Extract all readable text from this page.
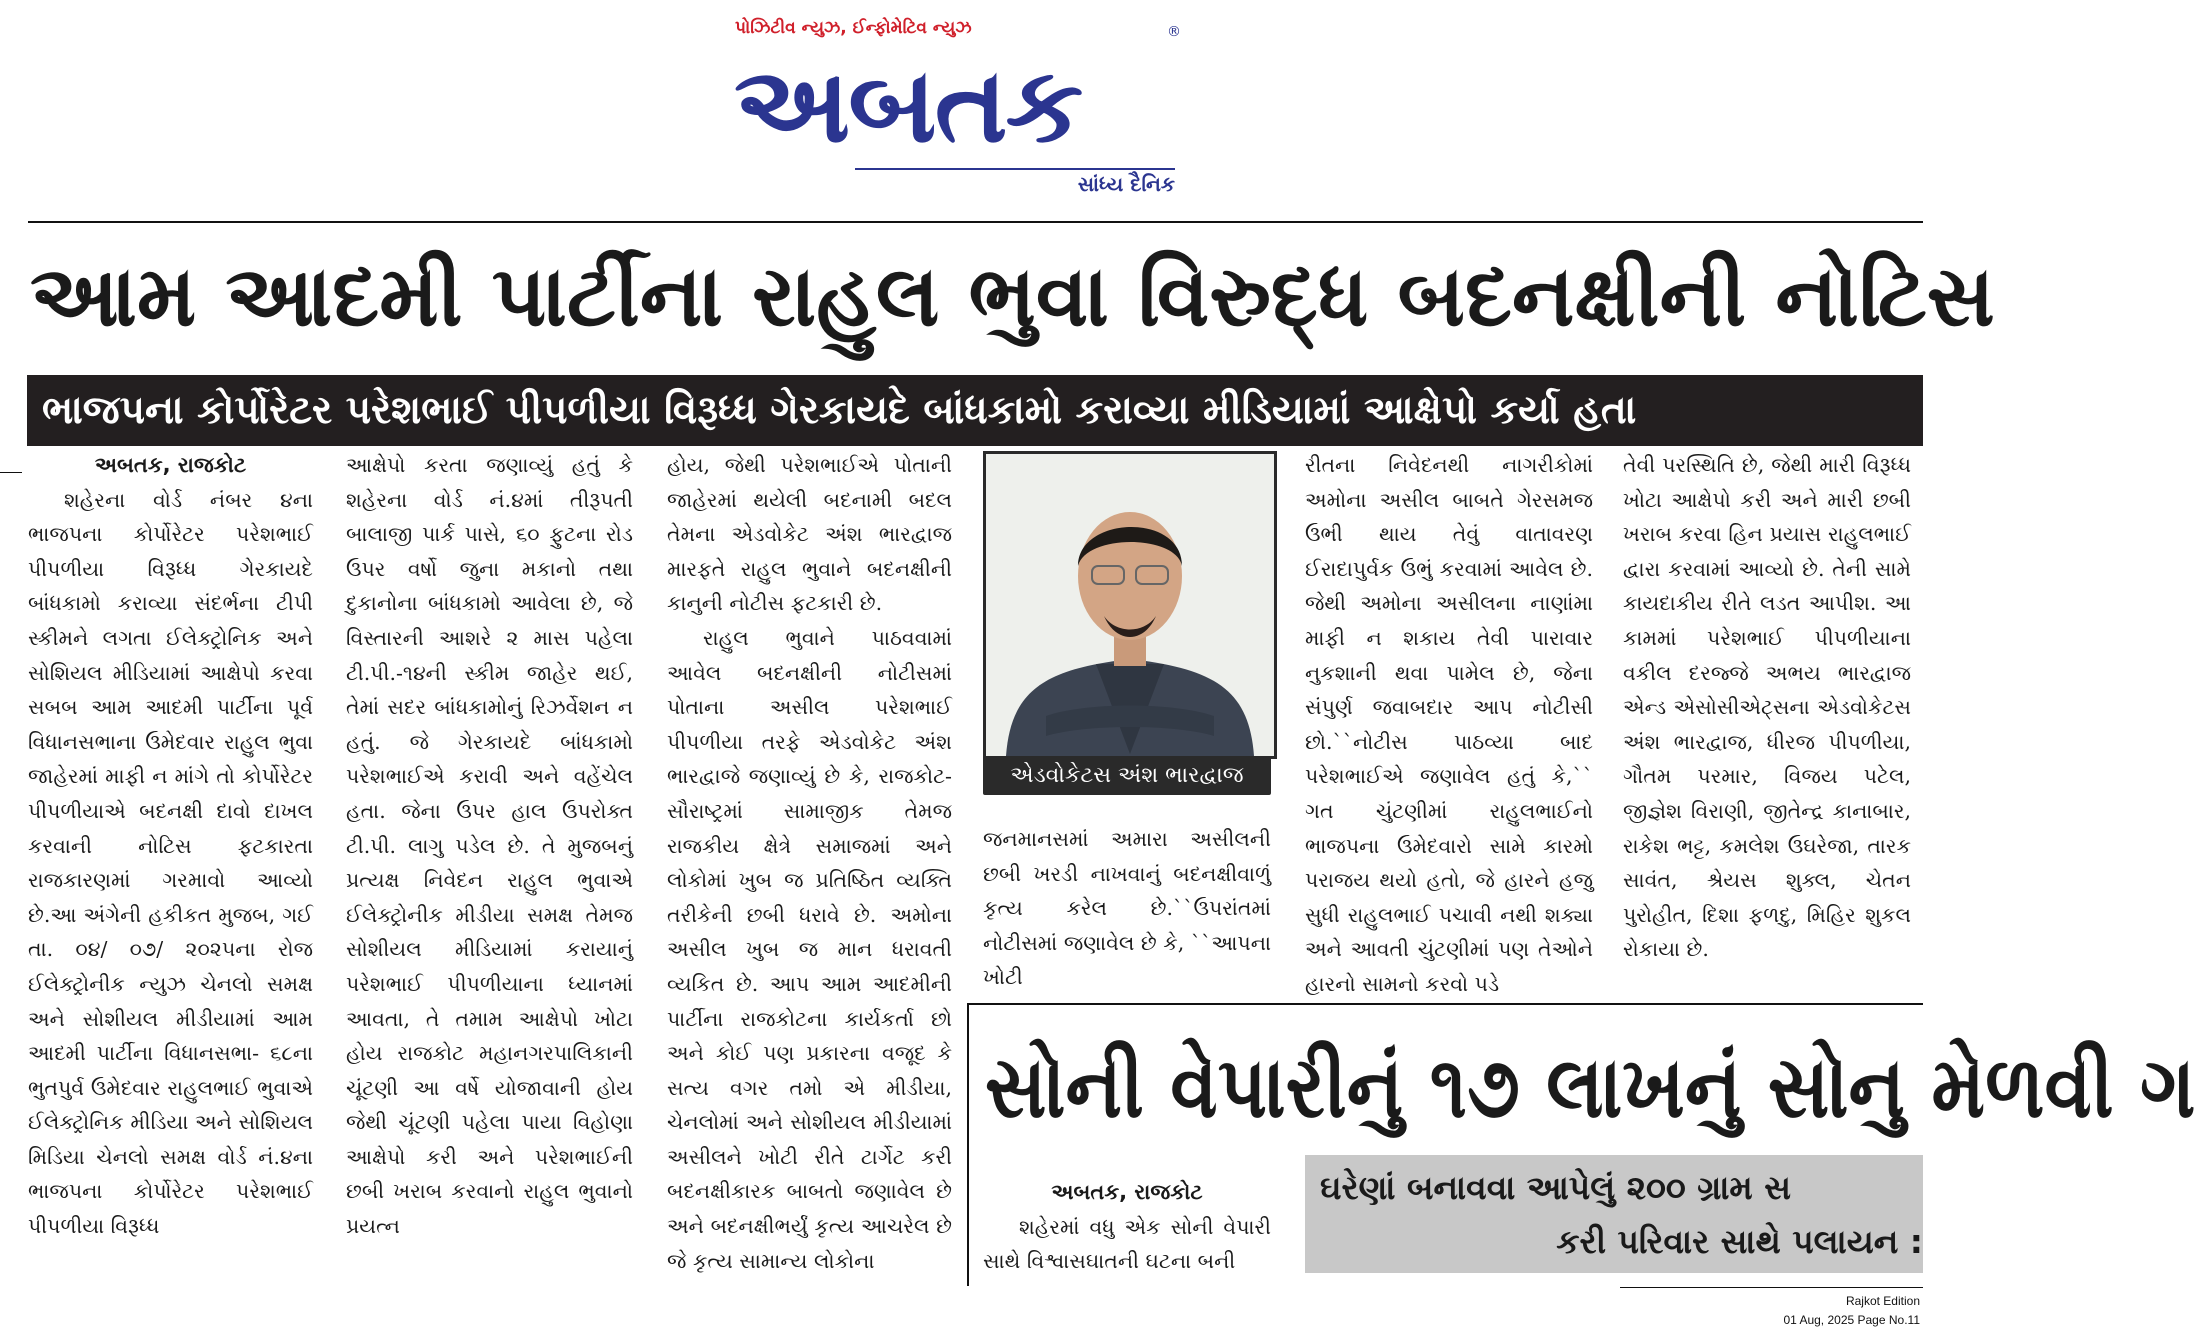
પોઝિટીવ ન્યુઝ, ઈન્ફોમેટિવ ન્યુઝ
અબતક
®
સાંધ્ય દૈનિક
આમ આદમી પાર્ટીના રાહુલ ભુવા વિરુદ્ધ બદનક્ષીની નોટિસ
ભાજપના કોર્પોરેટર પરેશભાઈ પીપળીયા વિરૂધ્ધ ગેરકાયદે બાંધકામો કરાવ્યા મીડિયામાં આક્ષેપો કર્યા હતા

અબતક, રાજકોટ

શહેરના વોર્ડ નંબર ૪ના ભાજપના કોર્પોરેટર પરેશભાઈ પીપળીયા વિરૂધ્ધ ગેરકાયદે બાંધકામો કરાવ્યા સંદર્ભના ટીપી સ્કીમને લગતા ઈલેક્ટ્રોનિક અને સોશિયલ મીડિયામાં આક્ષેપો કરવા સબબ આમ આદમી પાર્ટીના પૂર્વ વિધાનસભાના ઉમેદવાર રાહુલ ભુવા જાહેરમાં માફી ન માંગે તો કોર્પોરેટર પીપળીયાએ બદનક્ષી દાવો દાખલ કરવાની નોટિસ ફટકારતા રાજકારણમાં ગરમાવો આવ્યો છે.આ અંગેની હકીકત મુજબ, ગઈ તા. ૦૪/ ૦૭/ ૨૦૨૫ના રોજ ઈલેક્ટ્રોનીક ન્યુઝ ચેનલો સમક્ષ અને સોશીયલ મીડીયામાં આમ આદમી પાર્ટીના વિધાનસભા- ૬૮ના ભુતપુર્વ ઉમેદવાર રાહુલભાઈ ભુવાએ ઈલેક્ટ્રોનિક મીડિયા અને સોશિયલ મિડિયા ચેનલો સમક્ષ વોર્ડ નં.૪ના ભાજપના કોર્પોરેટર પરેશભાઈ પીપળીયા વિરૂધ્ધ

આક્ષેપો કરતા જણાવ્યું હતું કે શહેરના વોર્ડ નં.૪માં તીરૂપતી બાલાજી પાર્ક પાસે, ૬૦ ફુટના રોડ ઉપર વર્ષો જુના મકાનો તથા દુકાનોના બાંધકામો આવેલા છે, જે વિસ્તારની આશરે ૨ માસ પહેલા ટી.પી.-૧૪ની સ્કીમ જાહેર થઈ, તેમાં સદર બાંધકામોનું રિઝર્વેશન ન હતું. જે ગેરકાયદે બાંધકામો પરેશભાઈએ કરાવી અને વહેંચેલ હતા. જેના ઉપર હાલ ઉપરોક્ત ટી.પી. લાગુ પડેલ છે. તે મુજબનું પ્રત્યક્ષ નિવેદન રાહુલ ભુવાએ ઈલેક્ટ્રોનીક મીડીયા સમક્ષ તેમજ સોશીયલ મીડિયામાં કરાયાનું પરેશભાઈ પીપળીયાના ધ્યાનમાં આવતા, તે તમામ આક્ષેપો ખોટા હોય રાજકોટ મહાનગરપાલિકાની ચૂંટણી આ વર્ષે યોજાવાની હોય જેથી ચૂંટણી પહેલા પાયા વિહોણા આક્ષેપો કરી અને પરેશભાઈની છબી ખરાબ કરવાનો રાહુલ ભુવાનો પ્રયત્ન

હોય, જેથી પરેશભાઈએ પોતાની જાહેરમાં થયેલી બદનામી બદલ તેમના એડવોકેટ અંશ ભારદ્વાજ મારફતે રાહુલ ભુવાને બદનક્ષીની કાનુની નોટીસ ફટકારી છે.

રાહુલ ભુવાને પાઠવવામાં આવેલ બદનક્ષીની નોટીસમાં પોતાના અસીલ પરેશભાઈ પીપળીયા તરફે એડવોકેટ અંશ ભારદ્વાજે જણાવ્યું છે કે, રાજકોટ-સૌરાષ્ટ્રમાં સામાજીક તેમજ રાજકીય ક્ષેત્રે સમાજમાં અને લોકોમાં ખુબ જ પ્રતિષ્ઠિત વ્યક્તિ તરીકેની છબી ધરાવે છે. અમોના અસીલ ખુબ જ માન ધરાવતી વ્યકિત છે. આપ આમ આદમીની પાર્ટીના રાજકોટના કાર્યકર્તા છો અને કોઈ પણ પ્રકારના વજૂદ કે સત્ય વગર તમો એ મીડીયા, ચેનલોમાં અને સોશીયલ મીડીયામાં અસીલને ખોટી રીતે ટાર્ગેટ કરી બદનક્ષીકારક બાબતો જણાવેલ છે અને બદનક્ષીભર્યું કૃત્ય આચરેલ છે જે કૃત્ય સામાન્ય લોકોના

એડવોકેટસ અંશ ભારદ્વાજ

જનમાનસમાં અમારા અસીલની છબી ખરડી નાખવાનું બદનક્ષીવાળું કૃત્ય કરેલ છે.``ઉપરાંતમાં નોટીસમાં જણાવેલ છે કે, ``આપના ખોટી

રીતના નિવેદનથી નાગરીકોમાં અમોના અસીલ બાબતે ગેરસમજ ઉભી થાય તેવું વાતાવરણ ઈરાદાપુર્વક ઉભું કરવામાં આવેલ છે. જેથી અમોના અસીલના નાણાંમા માફી ન શકાય તેવી પારાવાર નુકશાની થવા પામેલ છે, જેના સંપુર્ણ જવાબદાર આપ નોટીસી છો.``નોટીસ પાઠવ્યા બાદ પરેશભાઈએ જણાવેલ હતું કે,`` ગત ચુંટણીમાં રાહુલભાઈનો ભાજપના ઉમેદવારો સામે કારમો પરાજય થયો હતો, જે હારને હજુ સુધી રાહુલભાઈ પચાવી નથી શક્યા અને આવતી ચુંટણીમાં પણ તેઓને હારનો સામનો કરવો પડે

તેવી પરસ્થિતિ છે, જેથી મારી વિરૂધ્ધ ખોટા આક્ષેપો કરી અને મારી છબી ખરાબ કરવા હિન પ્રયાસ રાહુલભાઈ દ્વારા કરવામાં આવ્યો છે. તેની સામે કાયદાકીય રીતે લડત આપીશ. આ કામમાં પરેશભાઈ પીપળીયાના વકીલ દરજ્જે અભય ભારદ્વાજ એન્ડ એસોસીએટ્સના એડવોકેટસ અંશ ભારદ્વાજ, ધીરજ પીપળીયા, ગૌતમ પરમાર, વિજય પટેલ, જીજ્ઞેશ વિરાણી, જીતેન્દ્ર કાનાબાર, રાકેશ ભટ્ટ, કમલેશ ઉઘરેજા, તારક સાવંત, શ્રેયસ શુક્લ, ચેતન પુરોહીત, દિશા ફળદુ, મિહિર શુકલ રોકાયા છે.

સોની વેપારીનું ૧૭ લાખનું સોનુ મેળવી ગ

અબતક, રાજકોટ

શહેરમાં વધુ એક સોની વેપારી સાથે વિશ્વાસઘાતની ઘટના બની

ઘરેણાં બનાવવા આપેલું ૨૦૦ ગ્રામ સ
કરી પરિવાર સાથે પલાયન :
Rajkot Edition
01 Aug, 2025 Page No.11
